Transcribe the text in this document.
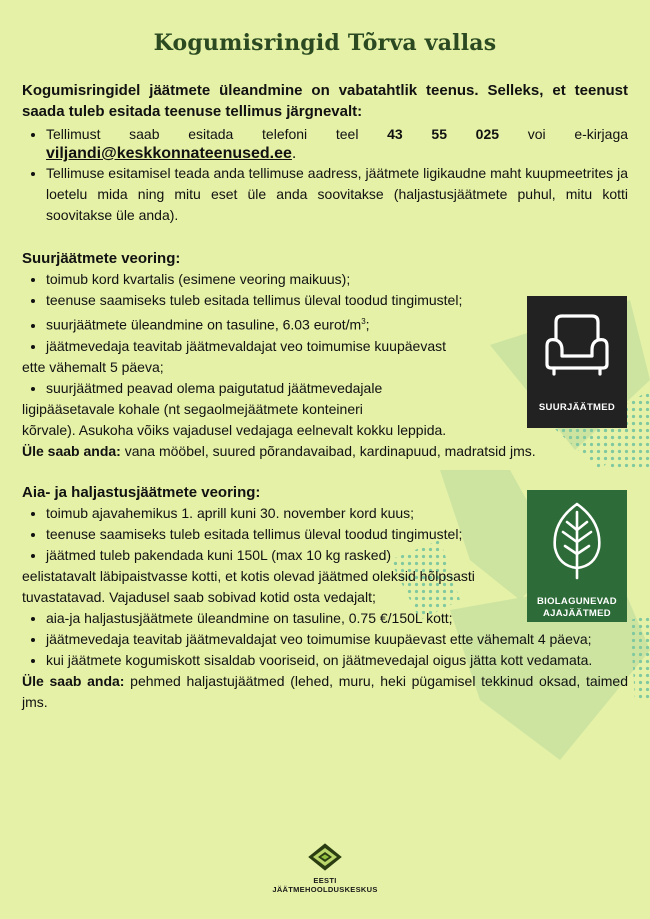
Kogumisringid Tõrva vallas
Kogumisringidel jäätmete üleandmine on vabatahtlik teenus. Selleks, et teenust saada tuleb esitada teenuse tellimus järgnevalt:
• Tellimust saab esitada telefoni teel 43 55 025 voi e-kirjaga
viljandi@keskkonnateenused.ee.
• Tellimuse esitamisel teada anda tellimuse aadress, jäätmete ligikaudne maht kuupmeetrites ja loetelu mida ning mitu eset üle anda soovitakse (haljastusjäätmete puhul, mitu kotti soovitakse üle anda).
Suurjäätmete veoring:
• toimub kord kvartalis (esimene veoring maikuus);
• teenuse saamiseks tuleb esitada tellimus üleval toodud tingimustel;
• suurjäätmete üleandmine on tasuline, 6.03 eurot/$m^3$;
• jäätmevedaja teavitab jäätmevaldajat veo toimumise kuupäevast
ette vähemalt 5 päeva;
• suurjäätmed peavad olema paigutatud jäätmevedajale
ligipääsetavale kohale (nt segaolmejäätmete konteineri
kõrvale). Asukoha võiks vajadusel vedajaga eelnevalt kokku leppida.
Üle saab anda: vana mööbel, suured põrandavaibad, kardinapuud, madratsid jms.
Aia- ja haljastusjäätmete veoring:
• toimub ajavahemikus 1. aprill kuni 30. november kord kuus;
• teenuse saamiseks tuleb esitada tellimus üleval toodud tingimustel;
• jäätmed tuleb pakendada kuni 150L (max 10 kg rasked)
eelistatavalt läbipaistvasse kotti, et kotis olevad jäätmed oleksid hõlpsasti
tuvastatavad. Vajadusel saab sobivad kotid osta vedajalt;
• aia-ja haljastusjäätmete üleandmine on tasuline, 0.75 €/150L kott;
• jäätmevedaja teavitab jäätmevaldajat veo toimumise kuupäevast ette vähemalt 4 päeva;
• kui jäätmete kogumiskott sisaldab vooriseid, on jäätmevedajal oigus jätta kott vedamata.
Üle saab anda: pehmed haljastujäätmed (lehed, muru, heki pügamisel tekkinud oksad, taimed jms.
SUURJÄÄTMED
BIOLAGUNEVAD
AJAJÄÄTMED
EESTI
JÄÄTMEHOOLDUSKESKUS
